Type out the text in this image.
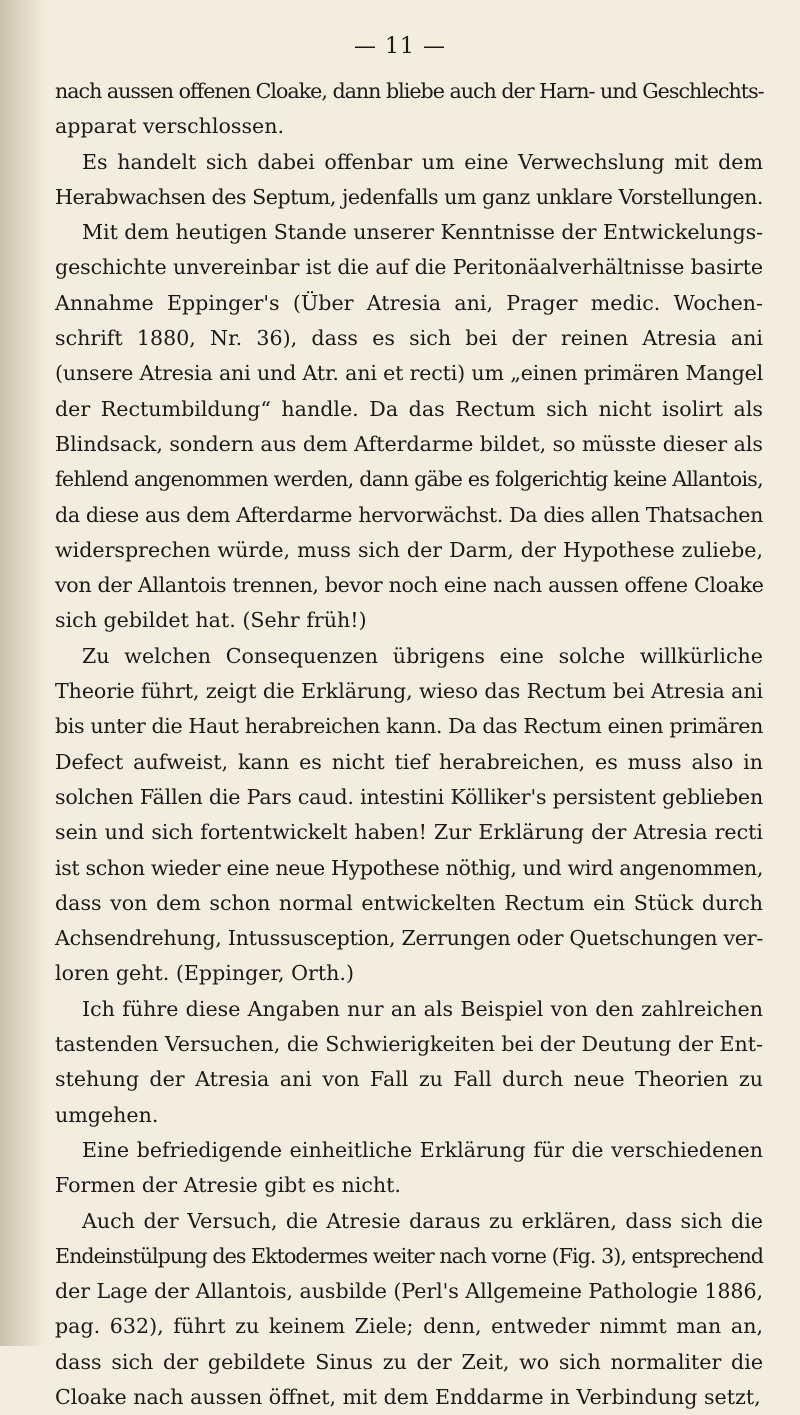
— 11 —
nach aussen offenen Cloake, dann bliebe auch der Harn- und Geschlechts-
apparat verschlossen.
Es handelt sich dabei offenbar um eine Verwechslung mit dem
Herabwachsen des Septum, jedenfalls um ganz unklare Vorstellungen.
Mit dem heutigen Stande unserer Kenntnisse der Entwickelungs-
geschichte unvereinbar ist die auf die Peritonäalverhältnisse basirte
Annahme Eppinger's (Über Atresia ani, Prager medic. Wochen-
schrift 1880, Nr. 36), dass es sich bei der reinen Atresia ani
(unsere Atresia ani und Atr. ani et recti) um „einen primären Mangel
der Rectumbildung“ handle. Da das Rectum sich nicht isolirt als
Blindsack, sondern aus dem Afterdarme bildet, so müsste dieser als
fehlend angenommen werden, dann gäbe es folgerichtig keine Allantois,
da diese aus dem Afterdarme hervorwächst. Da dies allen Thatsachen
widersprechen würde, muss sich der Darm, der Hypothese zuliebe,
von der Allantois trennen, bevor noch eine nach aussen offene Cloake
sich gebildet hat. (Sehr früh!)
Zu welchen Consequenzen übrigens eine solche willkürliche
Theorie führt, zeigt die Erklärung, wieso das Rectum bei Atresia ani
bis unter die Haut herabreichen kann. Da das Rectum einen primären
Defect aufweist, kann es nicht tief herabreichen, es muss also in
solchen Fällen die Pars caud. intestini Kölliker's persistent geblieben
sein und sich fortentwickelt haben! Zur Erklärung der Atresia recti
ist schon wieder eine neue Hypothese nöthig, und wird angenommen,
dass von dem schon normal entwickelten Rectum ein Stück durch
Achsendrehung, Intussusception, Zerrungen oder Quetschungen ver-
loren geht. (Eppinger, Orth.)
Ich führe diese Angaben nur an als Beispiel von den zahlreichen
tastenden Versuchen, die Schwierigkeiten bei der Deutung der Ent-
stehung der Atresia ani von Fall zu Fall durch neue Theorien zu
umgehen.
Eine befriedigende einheitliche Erklärung für die verschiedenen
Formen der Atresie gibt es nicht.
Auch der Versuch, die Atresie daraus zu erklären, dass sich die
Endeinstülpung des Ektodermes weiter nach vorne (Fig. 3), entsprechend
der Lage der Allantois, ausbilde (Perl's Allgemeine Pathologie 1886,
pag. 632), führt zu keinem Ziele; denn, entweder nimmt man an,
dass sich der gebildete Sinus zu der Zeit, wo sich normaliter die
Cloake nach aussen öffnet, mit dem Enddarme in Verbindung setzt,
